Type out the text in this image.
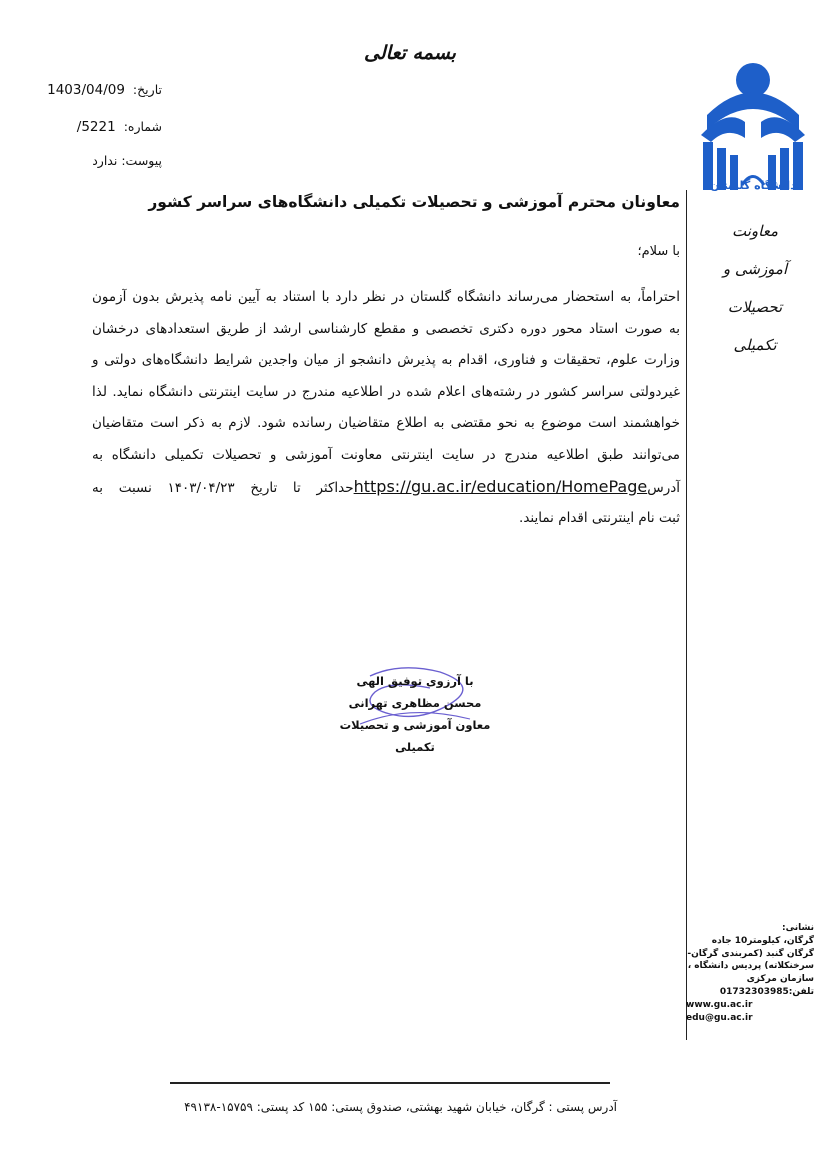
بسمه تعالی
تاریخ: 1403/04/09
شماره: 5221/
پیوست: ندارد
دانشگاه گلستان
معاونت آموزشی و
تحصیلات تکمیلی
معاونان محترم آموزشی و تحصیلات تکمیلی دانشگاه‌های سراسر کشور
با سلام؛
احتراماً، به استحضار می‌رساند دانشگاه گلستان در نظر دارد با استناد به آیین نامه پذیرش بدون آزمون
به صورت استاد محور دوره دکتری تخصصی و مقطع کارشناسی ارشد از طریق استعدادهای درخشان
وزارت علوم، تحقیقات و فناوری، اقدام به پذیرش دانشجو از میان واجدین شرایط دانشگاه‌های دولتی و
غیردولتی سراسر کشور در رشته‌های اعلام شده در اطلاعیه مندرج در سایت اینترنتی دانشگاه نماید. لذا
خواهشمند است موضوع به نحو مقتضی به اطلاع متقاضیان رسانده شود. لازم به ذکر است متقاضیان
می‌توانند طبق اطلاعیه مندرج در سایت اینترنتی معاونت آموزشی و تحصیلات تکمیلی دانشگاه به
آدرسhttps://gu.ac.ir/education/HomePageحداکثر تا تاریخ ۱۴۰۳/۰۴/۲۳ نسبت به
ثبت نام اینترنتی اقدام نمایند.
با آرزوی توفیق الهی
محسن مظاهری تهرانی
معاون آموزشی و تحصیلات تکمیلی
نشانی:
گرگان، کیلومتر10 جاده
گرگان گنبد (کمربندی گرگان-
سرخنکلاته) پردیس دانشگاه ،
سازمان مرکزی
تلفن:01732303985
www.gu.ac.ir
edu@gu.ac.ir
آدرس پستی : گرگان، خیابان شهید بهشتی، صندوق پستی: ۱۵۵ کد پستی: ۱۵۷۵۹-۴۹۱۳۸
